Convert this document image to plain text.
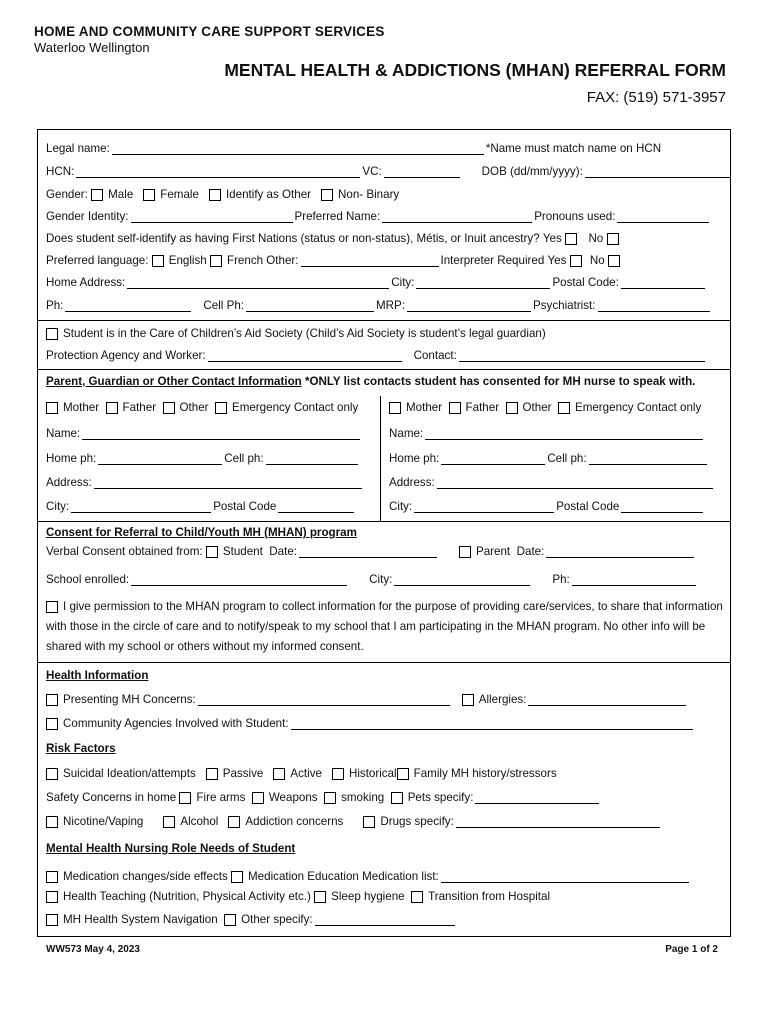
HOME AND COMMUNITY CARE SUPPORT SERVICES
Waterloo Wellington
MENTAL HEALTH & ADDICTIONS (MHAN) REFERRAL FORM
FAX: (519) 571-3957
Legal name:	*Name must match name on HCN
HCN:	VC:	DOB (dd/mm/yyyy):
Gender:
Male Female Identify as Other Non- Binary
Gender Identity:	Preferred Name:	Pronouns used:
Does student self-identify as having First Nations (status or non-status), Métis, or Inuit ancestry?
Yes

No

Preferred language:
English
French Other:	Interpreter Required
Yes

No

Home Address:	City:	Postal Code:
Ph:	Cell Ph:	MRP:	Psychiatrist:
Student is in the Care of Children’s Aid Society (Child’s Aid Society is student’s legal guardian)
Protection Agency and Worker:	Contact:
Parent, Guardian or Other Contact Information
*ONLY list contacts student has consented for MH nurse to speak with.
Mother
Father
Other
Emergency Contact only
Name:
Home ph:	Cell ph:
Address:
City:	Postal Code
Mother
Father
Other
Emergency Contact only
Name:
Home ph:	Cell ph:
Address:
City:	Postal Code
Consent for Referral to Child/Youth MH (MHAN) program
Verbal Consent obtained from:
Student
Date:	Parent
Date:
School enrolled:	City:	Ph:
I give permission to the MHAN program to collect information for the purpose of providing care/services, to share that information
with those in the circle of care and to notify/speak to my school that I am participating in the MHAN program. No other info will be
shared with my school or others without my informed consent.
Health Information
Presenting MH Concerns:	Allergies:
Community Agencies Involved with Student:
Risk Factors
Suicidal Ideation/attempts Passive Active Historical Family MH history/stressors
Safety Concerns in home
Fire arms
Weapons
smoking
Pets specify:
Nicotine/Vaping	Alcohol Addiction concerns	Drugs specify:
Mental Health Nursing Role Needs of Student
Medication changes/side effects
Medication Education Medication list:
Health Teaching (Nutrition, Physical Activity etc.)
Sleep hygiene
Transition from Hospital
MH Health System Navigation
Other specify:
WW573 May 4, 2023	Page 1 of 2
